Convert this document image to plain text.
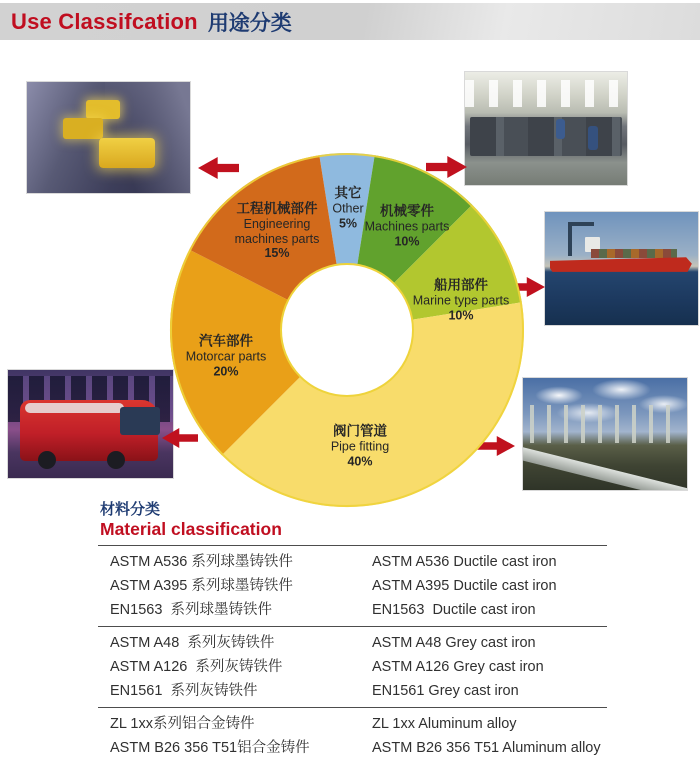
Use Classifcation 用途分类
其它
Other
5%
机械零件
Machines parts
10%
船用部件
Marine type parts
10%
阀门管道
Pipe fitting
40%
汽车部件
Motorcar parts
20%
工程机械部件
Engineering machines parts
15%
材料分类
Material classification
ASTM A536 系列球墨铸铁件	ASTM A536 Ductile cast iron
ASTM A395 系列球墨铸铁件	ASTM A395 Ductile cast iron
EN1563  系列球墨铸铁件	EN1563  Ductile cast iron
ASTM A48  系列灰铸铁件	ASTM A48 Grey cast iron
ASTM A126  系列灰铸铁件	ASTM A126 Grey cast iron
EN1561  系列灰铸铁件	EN1561 Grey cast iron
ZL 1xx系列铝合金铸件	ZL 1xx Aluminum alloy
ASTM B26 356 T51铝合金铸件	ASTM B26 356 T51 Aluminum alloy
